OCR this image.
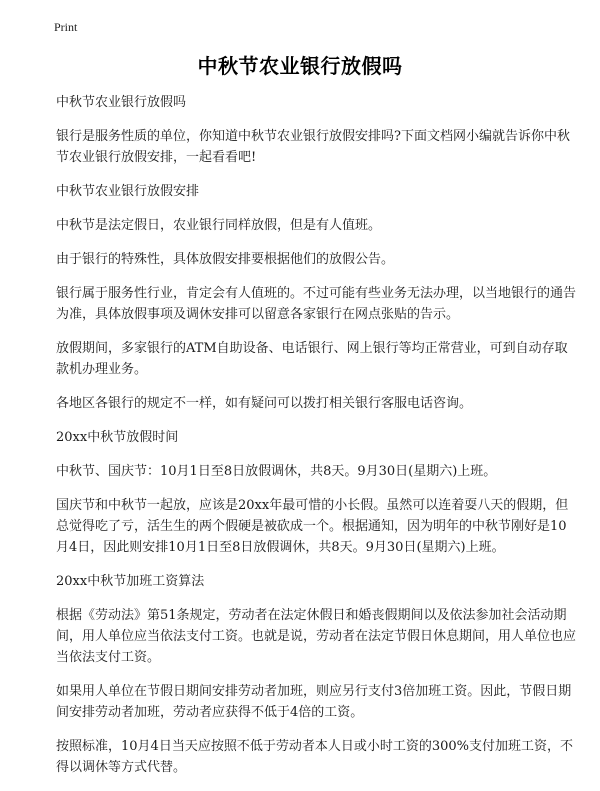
Print
中秋节农业银行放假吗

中秋节农业银行放假吗

银行是服务性质的单位，你知道中秋节农业银行放假安排吗?下面文档网小编就告诉你中秋节农业银行放假安排，一起看看吧!

中秋节农业银行放假安排

中秋节是法定假日，农业银行同样放假，但是有人值班。

由于银行的特殊性，具体放假安排要根据他们的放假公告。

银行属于服务性行业，肯定会有人值班的。不过可能有些业务无法办理，以当地银行的通告为准，具体放假事项及调休安排可以留意各家银行在网点张贴的告示。

放假期间，多家银行的ATM自助设备、电话银行、网上银行等均正常营业，可到自动存取款机办理业务。

各地区各银行的规定不一样，如有疑问可以拨打相关银行客服电话咨询。

20xx中秋节放假时间

中秋节、国庆节：10月1日至8日放假调休，共8天。9月30日(星期六)上班。

国庆节和中秋节一起放，应该是20xx年最可惜的小长假。虽然可以连着耍八天的假期，但总觉得吃了亏，活生生的两个假硬是被砍成一个。根据通知，因为明年的中秋节刚好是10月4日，因此则安排10月1日至8日放假调休，共8天。9月30日(星期六)上班。

20xx中秋节加班工资算法

根据《劳动法》第51条规定，劳动者在法定休假日和婚丧假期间以及依法参加社会活动期间，用人单位应当依法支付工资。也就是说，劳动者在法定节假日休息期间，用人单位也应当依法支付工资。

如果用人单位在节假日期间安排劳动者加班，则应另行支付3倍加班工资。因此，节假日期间安排劳动者加班，劳动者应获得不低于4倍的工资。

按照标准，10月4日当天应按照不低于劳动者本人日或小时工资的300%支付加班工资，不得以调休等方式代替。
